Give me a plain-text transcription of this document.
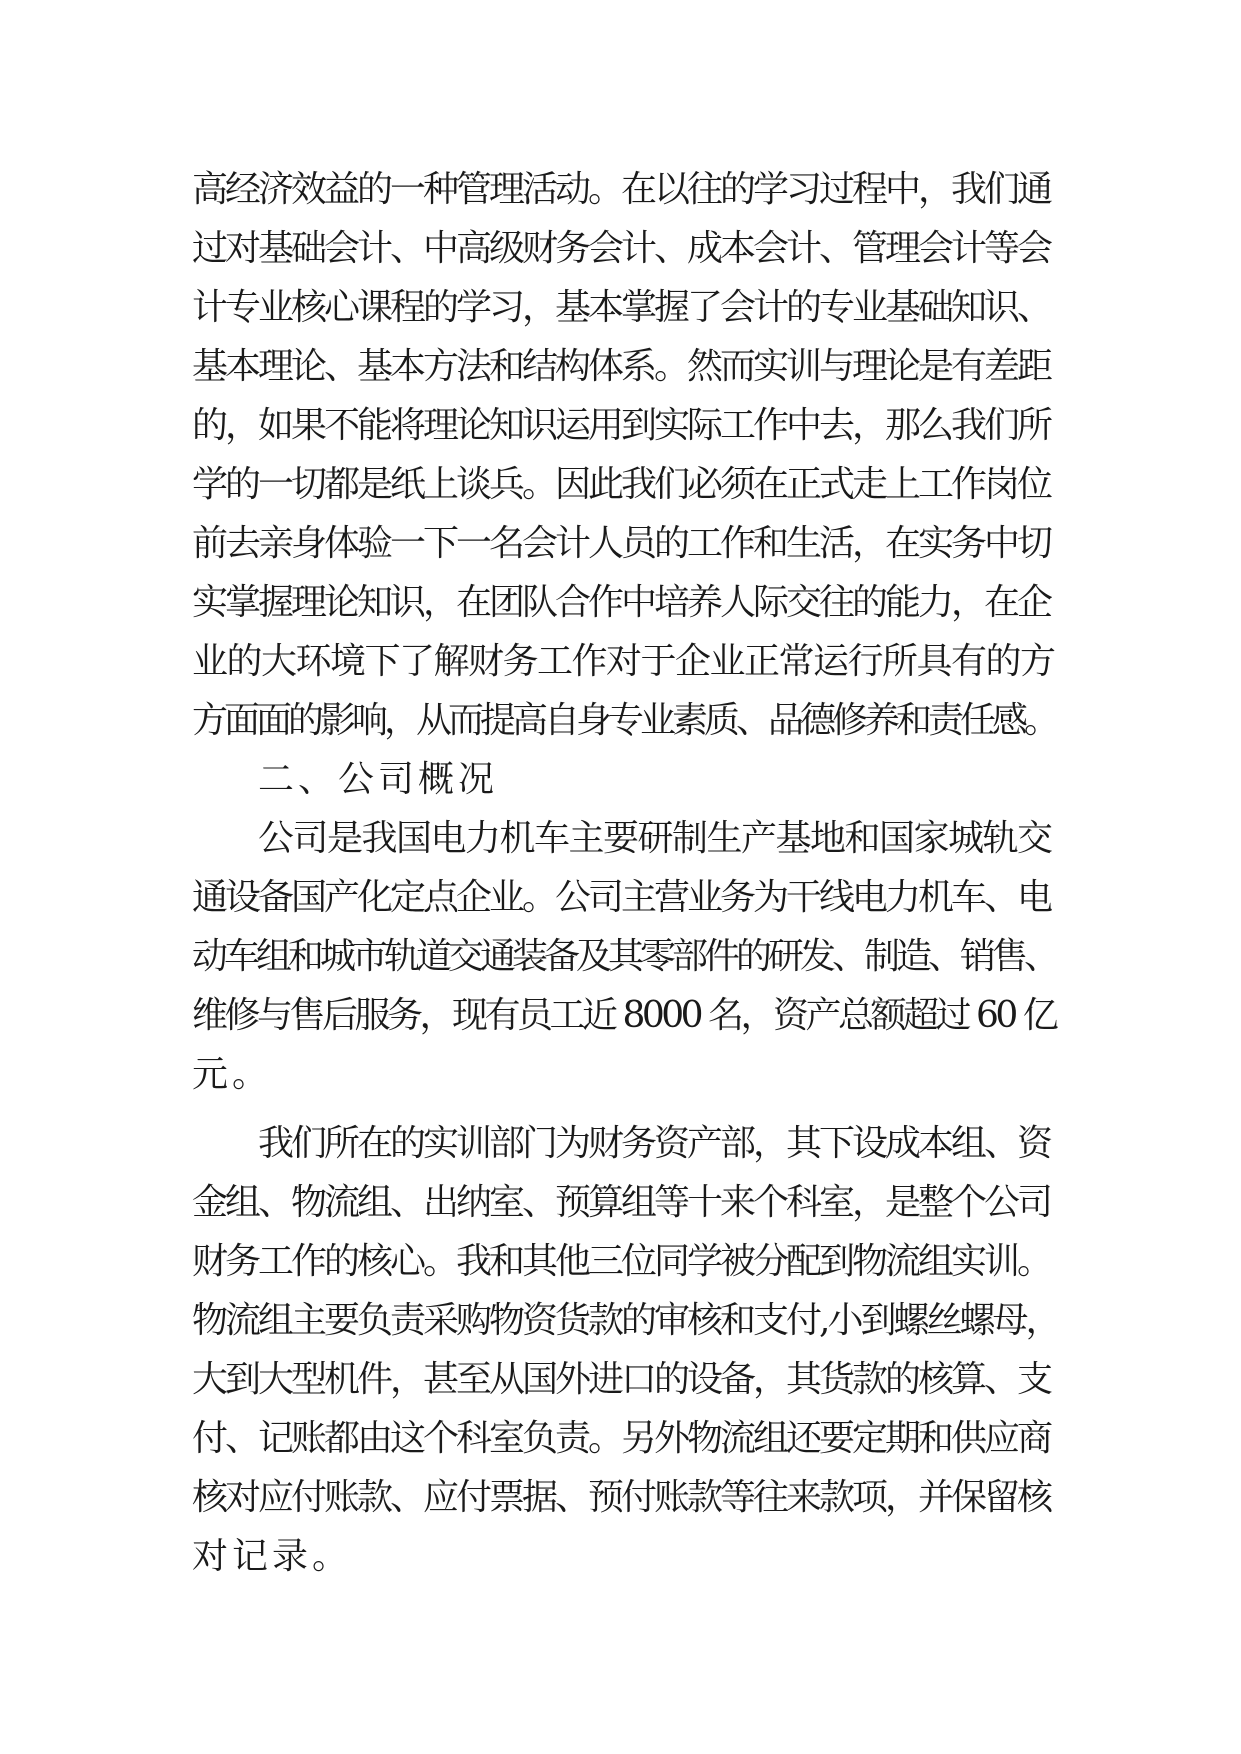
高经济效益的一种管理活动。在以往的学习过程中，我们通
过对基础会计、中高级财务会计、成本会计、管理会计等会
计专业核心课程的学习，基本掌握了会计的专业基础知识、
基本理论、基本方法和结构体系。然而实训与理论是有差距
的，如果不能将理论知识运用到实际工作中去，那么我们所
学的一切都是纸上谈兵。因此我们必须在正式走上工作岗位
前去亲身体验一下一名会计人员的工作和生活，在实务中切
实掌握理论知识，在团队合作中培养人际交往的能力，在企
业的大环境下了解财务工作对于企业正常运行所具有的方
方面面的影响，从而提高自身专业素质、品德修养和责任感。
二、公司概况
公司是我国电力机车主要研制生产基地和国家城轨交
通设备国产化定点企业。公司主营业务为干线电力机车、电
动车组和城市轨道交通装备及其零部件的研发、制造、销售、
维修与售后服务，现有员工近 8000 名，资产总额超过 60 亿
元。
我们所在的实训部门为财务资产部，其下设成本组、资
金组、物流组、出纳室、预算组等十来个科室，是整个公司
财务工作的核心。我和其他三位同学被分配到物流组实训。
物流组主要负责采购物资货款的审核和支付,小到螺丝螺母，
大到大型机件，甚至从国外进口的设备，其货款的核算、支
付、记账都由这个科室负责。另外物流组还要定期和供应商
核对应付账款、应付票据、预付账款等往来款项，并保留核
对记录。
